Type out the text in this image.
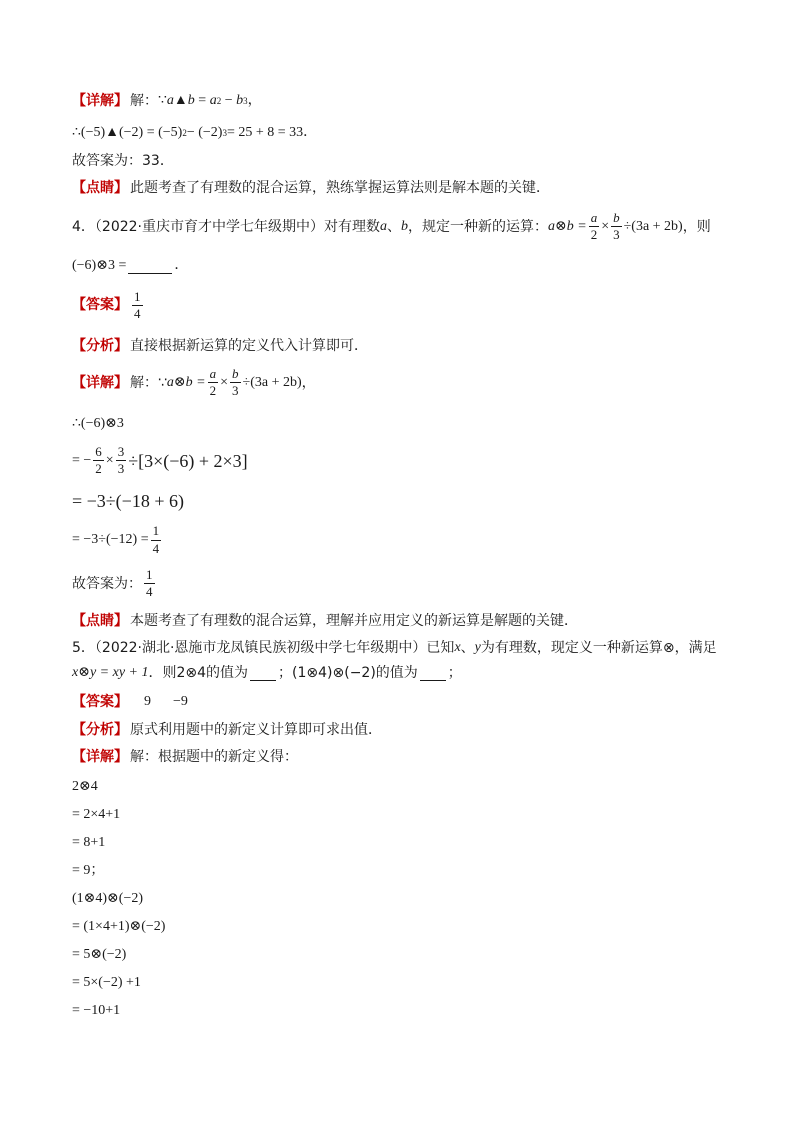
【详解】 解： ∵ a▲b = a 2 − b 3 ，
∴ (−5)▲(−2) = (−5) 2 − (−2) 3 = 25 + 8 = 33 ．
故答案为：33．
【点睛】 此题考查了有理数的混合运算，熟练掌握运算法则是解本题的关键．
4．（2022·重庆市育才中学七年级期中）对有理数 a 、 b ，规定一种新的运算： a⊗b = $\frac{a}{2} \times \frac{b}{3} \div(3a + 2b)$ ，则
(−6)⊗3 =	．
【答案】 $\frac{1}{4}$
【分析】 直接根据新运算的定义代入计算即可．
【详解】 解：∵ a⊗b = $\frac{a}{2} \times \frac{b}{3} \div(3a + 2b)$ ，
∴(−6)⊗3
= − $\frac{6}{2} \times \frac{3}{3} \div[3\times(-6) + 2\times 3]$
= −3÷(−18 + 6)
= $-3\div(-12) = \frac{1}{4}$
故答案为： $\frac{1}{4}$
【点睛】 本题考查了有理数的混合运算，理解并应用定义的新运算是解题的关键．
5．（2022·湖北·恩施市龙凤镇民族初级中学七年级期中）已知 x 、 y 为有理数，现定义一种新运算⊗，满足
x⊗y = xy + 1 ．则2⊗4的值为 ；(1⊗4)⊗(−2)的值为 ；
【答案】 9 −9
【分析】 原式利用题中的新定义计算即可求出值．
【详解】 解：根据题中的新定义得：
2⊗4
= 2×4+1
= 8+1
= 9；
(1⊗4)⊗(−2)
= (1×4+1)⊗(−2)
= 5⊗(−2)
= 5×(−2) +1
= −10+1
